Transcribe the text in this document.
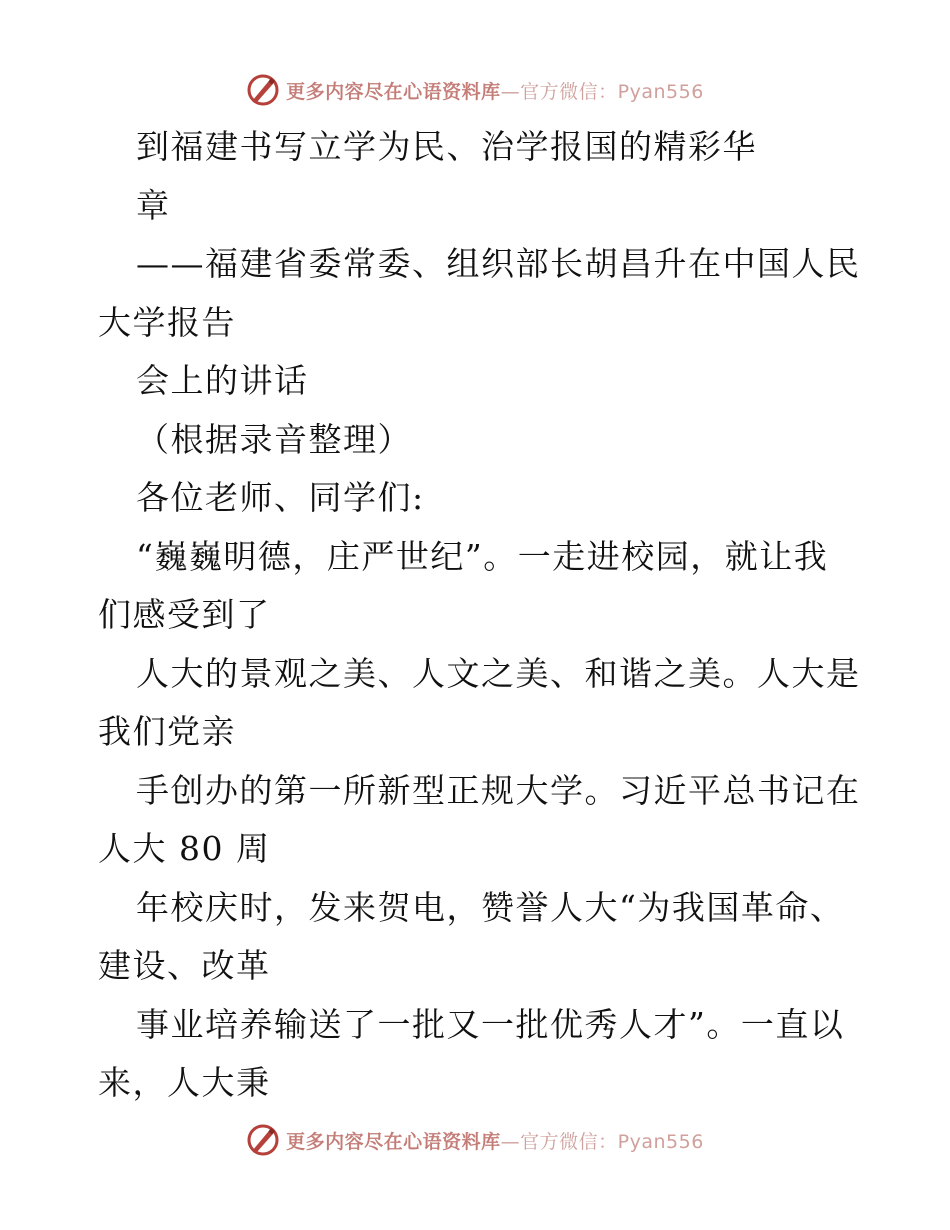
更多内容尽在心语资料库—官方微信：Pyan556
到福建书写立学为民、治学报国的精彩华
章
——福建省委常委、组织部长胡昌升在中国人民
大学报告
会上的讲话
（根据录音整理）
各位老师、同学们:
“巍巍明德，庄严世纪”。一走进校园，就让我
们感受到了
人大的景观之美、人文之美、和谐之美。人大是
我们党亲
手创办的第一所新型正规大学。习近平总书记在
人大 80 周
年校庆时，发来贺电，赞誉人大“为我国革命、
建设、改革
事业培养输送了一批又一批优秀人才”。一直以
来，人大秉
更多内容尽在心语资料库—官方微信：Pyan556
